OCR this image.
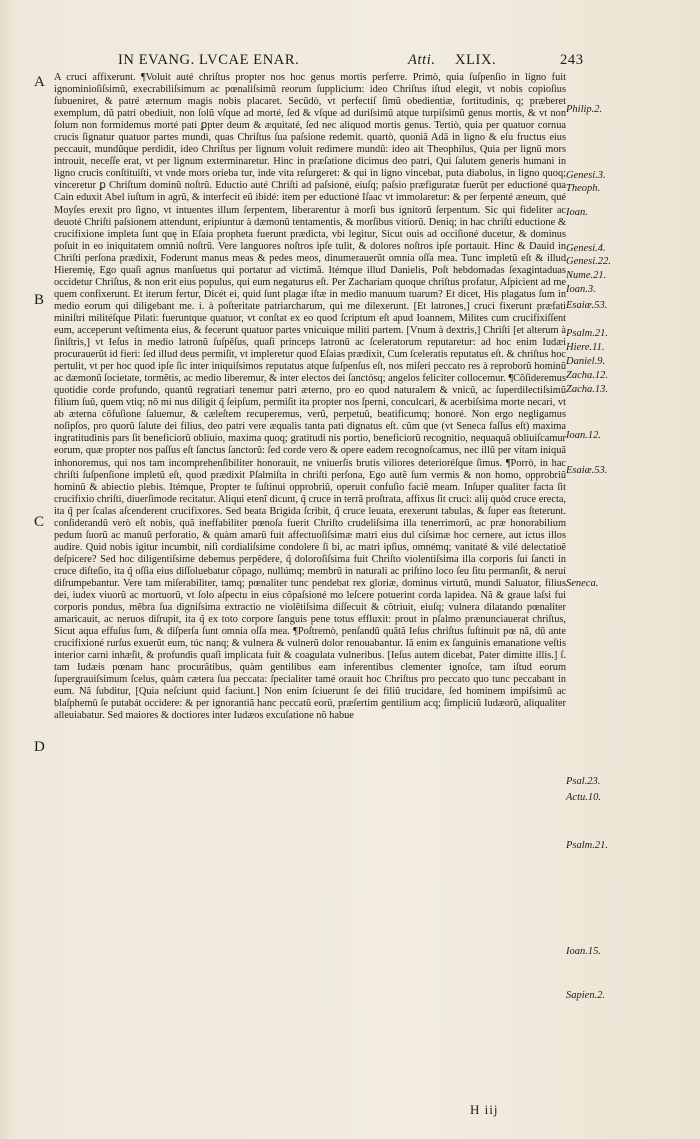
IN EVANG. LVCAE ENAR.	Atti. XLIX.	243
A
B
C
D

A cruci affixerunt. ¶Voluit auté chriſtus propter nos hoc genus mortis perferre. Primò, quia ſuſpenſio in ligno fuit ignominioſiſsimũ, execrabiliſsimum ac pœnaliſsimũ reorum ſupplicium: ideo Chriſtus iſtud elegit, vt nobis copioſius ſubueniret, & patré æternum magis nobis placaret. Secũdò, vt perfectiſ ſimũ obedientiæ, fortitudinis, q; præberet exemplum, dũ patri obediuit, non ſolũ vſque ad morté, ſed & vſque ad duriſsimũ atque turpiſsimũ genus mortis, & vt non ſolum non formidemus morté pati ꝑpter deum & æquitaté, ſed nec aliquod mortis genus. Tertiò, quia per quatuor cornua crucis ſignatur quatuor partes mundi, quas Chriſtus ſua paſsione redemit. quartò, quoniã Adã in ligno & eſu fructus eius peccauit, mundũque perdidit, ideo Chriſtus per lignum voluit redimere mundũ: ideo ait Theophilus, Quia per lignũ mors introuit, neceſſe erat, vt per lignum exterminaretur. Hinc in præſatione dicimus deo patri, Qui ſalutem generis humani in ligno crucis conſtituiſti, vt vnde mors orieba tur, inde vita reſurgeret: & qui in ligno vincebat, puta diabolus, in ligno quoq; vinceretur ꝑ Chriſtum dominũ noſtrũ. Eductio auté Chriſti ad paſsioné, eiuſq; paſsio præfiguratæ fuerũt per eductioné qua Cain eduxit Abel iuſtum in agrũ, & interfecit eũ ibidé: item per eductioné Iſaac vt immolaretur: & per ſerpenté æneum, qué Moyſes erexit pro ſigno, vt intuentes illum ſerpentem, liberarentur à morſi bus ignitorũ ſerpentum. Sic qui fideliter ac deuoté Chriſti paſsionem attendunt, eripiuntur à dæmonũ tentamentis, & morſibus vitiorũ. Deniq; in hac chriſti eductione & crucifixione impleta ſunt quę in Eſaia propheta fuerunt prædicta, vbi legitur, Sicut ouis ad occiſioné ducetur, & dominus poſuit in eo iniquitatem omniũ noſtrũ. Vere languores noſtros ipſe tulit, & dolores noſtros ipſe portauit. Hinc & Dauid in Chriſti perſona prædixit, Foderunt manus meas & pedes meos, dinumerauerũt omnia oſſa mea. Tunc impletũ eſt & illud Hieremię, Ego quaſi agnus manſuetus qui portatur ad victimã. Itémque illud Danielis, Poſt hebdomadas ſexagintaduas occidetur Chriſtus, & non erit eius populus, qui eum negaturus eſt. Per Zachariam quoque chriſtus profatur, Aſpicient ad me quem confixerunt. Et iterum fertur, Dicét ei, quid ſunt plagæ iſtæ in medio manuum tuarum? Et dicet, His plagatus ſum in medio eorum qui diligebant me. i. à poſteritate patriarcharum, qui me dilexerunt. [Et latrones,] cruci fixerunt præfati miniſtri militéſque Pilati: fueruntque quatuor, vt conſtat ex eo quod ſcriptum eſt apud Ioannem, Milites cum crucifixiſſent eum, acceperunt veſtimenta eius, & fecerunt quatuor partes vnicuique militi partem. [Vnum à dextris,] Chriſti [et alterum à ſiniſtris,] vt Ieſus in medio latronũ ſuſpẽſus, quaſi princeps latronũ ac ſceleratorum reputaretur: ad hoc enim Iudæi procurauerũt id fieri: ſed illud deus permiſit, vt impleretur quod Eſaias prædixit, Cum ſceleratis reputatus eſt. & chriſtus hoc pertulit, vt per hoc quod ipſe ſic inter iniquiſsimos reputatus atque ſuſpenſus eſt, nos miſeri peccato res à reproborũ hominũ ac dæmonũ ſocietate, tormẽtis, ac medio liberemur, & inter electos dei ſanctósq; angelos feliciter collocemur. ¶Cõſideremus quotidie corde profundo, quantũ regratiari tenemur patri æterno, pro eo quod naturalem & vnicũ, ac ſuperdilectiſsimũ filium ſuũ, quem vtiq; nõ mi nus diligit q̃ ſeipſum, permiſit ita propter nos ſperni, conculcari, & acerbiſsima morte necari, vt ab æterna cõfuſione ſaluemur, & cæleſtem recuperemus, verũ, perpetuũ, beatificumq; honoré. Non ergo negligamus noſipſos, pro quorũ ſalute dei filius, deo patri vere æqualis tanta pati dignatus eſt. cũm que (vt Seneca faſſus eſt) maxima ingratitudinis pars ſit beneficiorũ obliuio, maxima quoq; gratitudi nis portio, beneficiorũ recognitio, nequaquã obliuiſcamur eorum, quæ propter nos paſſus eſt ſanctus ſanctorũ: ſed corde vero & opere eadem recognoſcamus, nec illũ per vitam iniquã inhonoremus, qui nos tam incomprehenſibiliter honorauit, ne vniuerſis brutis viliores deterioréſque ſimus. ¶Porrò, in hac chriſti ſuſpenſione impletũ eſt, quod prædixit Pſalmiſta in chriſti perſona, Ego autẽ ſum vermis & non homo, opprobriũ hominũ & abiectio plebis. Itémque, Propter te ſuſtinui opprobriũ, operuit confuſio faciẽ meam. Inſuper qualiter facta ſit crucifixio chriſti, diuerſimode recitatur. Aliqui etenĩ dicunt, q̃ cruce in terrã proſtrata, affixus ſit cruci: alij quòd cruce erecta, ita q̃ per ſcalas aſcenderent crucifixores. Sed beata Brigida ſcribit, q̃ cruce leuata, erexerunt tabulas, & ſuper eas ſteterunt. conſiderandũ verò eſt nobis, quã ineffabiliter pœnoſa fuerit Chriſto crudeliſsima illa tenerrimorũ, ac præ honorabilium pedum ſuorũ ac manuũ perforatio, & quàm amarũ fuit affectuoſiſsimæ matri eius dul ciſsimæ hoc cernere, aut ictus illos audire. Quid nobis igitur incumbit, niſi cordialiſsime condolere ſi bi, ac matri ipſius, omnémq; vanitaté & vilé delectatioẽ deſpicere? Sed hoc diligentiſsime debemus perpẽdere, q̃ doloroſiſsima fuit Chriſto violentiſsima illa corporis ſui ſancti in cruce diſteſio, ita q̃ oſſia eius diſſoluebatur cõpago, nullúmq; membrũ in naturali ac priſtino loco ſeu ſitu permanſit, & neruí diſrumpebantur. Vere tam miſerabiliter, tamq; pœnaliter tunc pendebat rex gloriæ, dominus virtutũ, mundi Saluator, filius dei, iudex viuorũ ac mortuorũ, vt ſolo aſpectu in eius cõpaſsioné mo leſcere potuerint corda lapidea. Nã & graue laſsi fui corporis pondus, mẽbra ſua digniſsima extractio ne violẽtiſsima diſſecuit & cõtriuit, eiuſq; vulnera dilatando pœnaliter amaricauit, ac neruos diſrupit, ita q̃ ex toto corpore ſanguis pene totus effluxit: prout in pſalmo prænunciauerat chriſtus, Sicut aqua effuſus ſum, & diſperſa ſunt omnia oſſa mea. ¶Poſtremò, penſandũ quãtã Ieſus chriſtus ſuſtinuit pœ nã, dũ ante crucifixioné rurſus exuerũt eum, túc nanq; & vulnera & vulnerũ dolor renouabantur. Iã enim ex ſanguinis emanatione veſtis interior carni inhæſit, & profundis quaſi implicata fuit & coagulata vulneribus. [Ieſus autem dicebat, Pater dimitte illis.] ſ. tam Iudæis pœnam hanc procurãtibus, quàm gentilibus eam inferentibus clementer ignoſce, tam iſtud eorum ſupergrauiſsimum ſcelus, quàm cætera ſua peccata: ſpecialiter tamé orauit hoc Chriſtus pro peccato quo tunc peccabant in eum. Nã ſubditur, [Quia neſciunt quid faciunt.] Non enim ſciuerunt ſe dei filiũ trucidare, ſed hominem impiſsimũ ac blaſphemũ ſe putabát occidere: & per ignorantiã hanc peccatũ eorũ, præſertim gentilium acq; ſimpliciũ Iudæorũ, aliqualiter alleuiabatur. Sed maiores & doctiores inter Iudæos excuſatione nõ habue

Philip.2.
Genesi.3.
Theoph.
Ioan.
Genesi.4.
Genesi.22.
Nume.21.
Ioan.3.
Esaiæ.53.
Psalm.21.
Hiere.11.
Daniel.9.
Zacha.12.
Zacha.13.
Ioan.12.
Esaiæ.53.
Seneca.
Psal.23.
Actu.10.
Psalm.21.
Ioan.15.
Sapien.2.
H iij
